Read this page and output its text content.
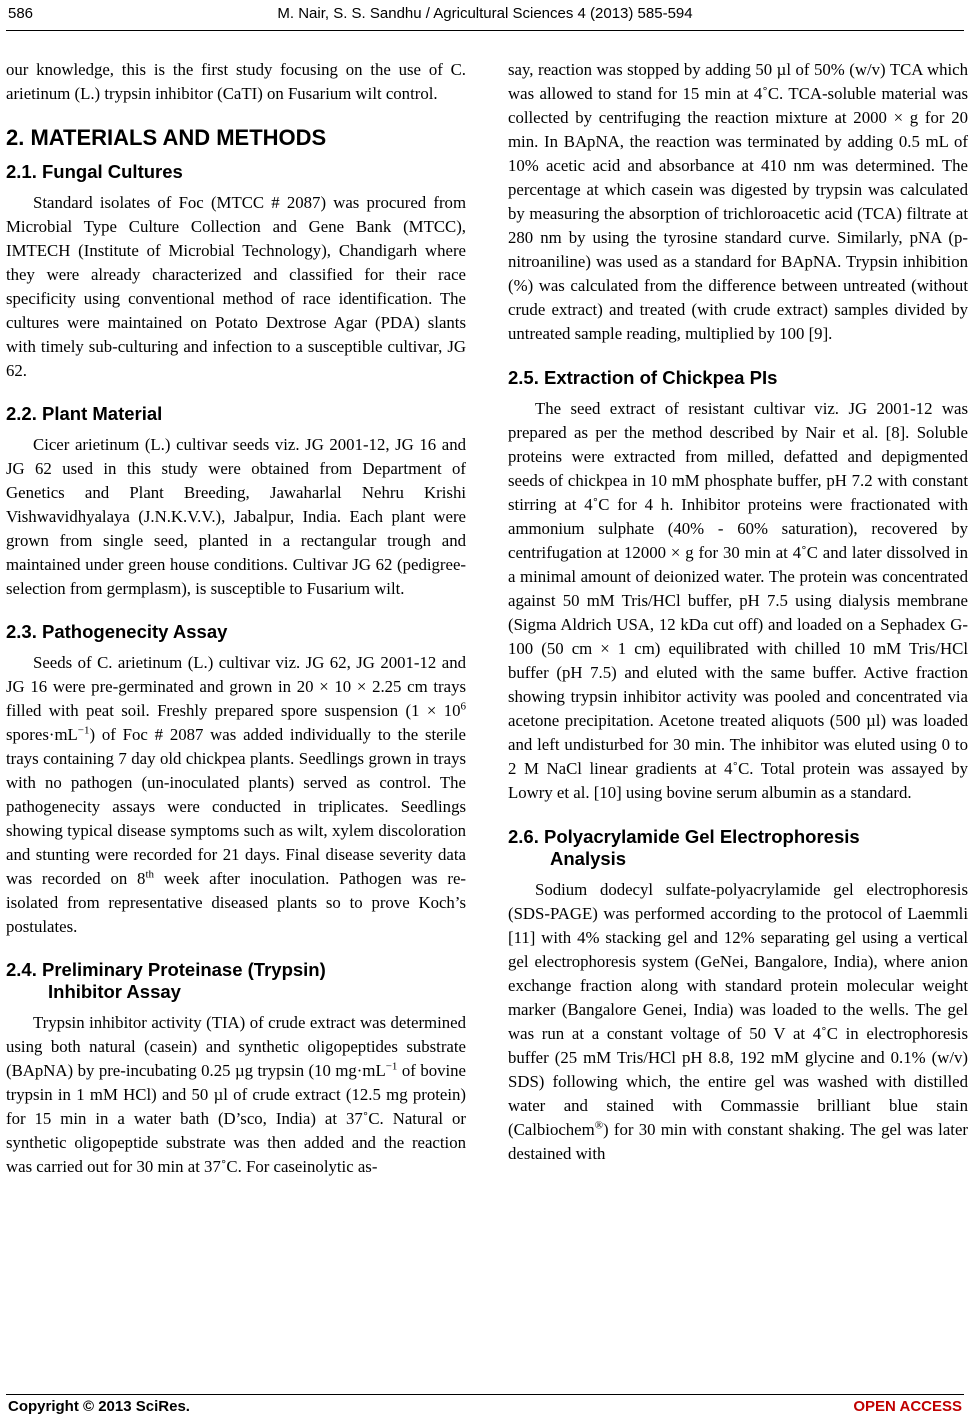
586	M. Nair, S. S. Sandhu / Agricultural Sciences 4 (2013) 585-594

our knowledge, this is the first study focusing on the use of C. arietinum (L.) trypsin inhibitor (CaTI) on Fusarium wilt control.

2. MATERIALS AND METHODS
2.1. Fungal Cultures

Standard isolates of Foc (MTCC # 2087) was procured from Microbial Type Culture Collection and Gene Bank (MTCC), IMTECH (Institute of Microbial Technology), Chandigarh where they were already characterized and classified for their race specificity using conventional method of race identification. The cultures were maintained on Potato Dextrose Agar (PDA) slants with timely sub-culturing and infection to a susceptible cultivar, JG 62.

2.2. Plant Material

Cicer arietinum (L.) cultivar seeds viz. JG 2001-12, JG 16 and JG 62 used in this study were obtained from Department of Genetics and Plant Breeding, Jawaharlal Nehru Krishi Vishwavidhyalaya (J.N.K.V.V.), Jabalpur, India. Each plant were grown from single seed, planted in a rectangular trough and maintained under green house conditions. Cultivar JG 62 (pedigree-selection from germplasm), is susceptible to Fusarium wilt.

2.3. Pathogenecity Assay

Seeds of C. arietinum (L.) cultivar viz. JG 62, JG 2001-12 and JG 16 were pre-germinated and grown in 20 × 10 × 2.25 cm trays filled with peat soil. Freshly prepared spore suspension ($1 \times 10^6$ $spores\cdot mL^{-1}$) of Foc # 2087 was added individually to the sterile trays containing 7 day old chickpea plants. Seedlings grown in trays with no pathogen (un-inoculated plants) served as control. The pathogenecity assays were conducted in triplicates. Seedlings showing typical disease symptoms such as wilt, xylem discoloration and stunting were recorded for 21 days. Final disease severity data was recorded on 8th week after inoculation. Pathogen was re-isolated from representative diseased plants so to prove Koch’s postulates.

2.4. Preliminary Proteinase (Trypsin)
Inhibitor Assay

Trypsin inhibitor activity (TIA) of crude extract was determined using both natural (casein) and synthetic oligopeptides substrate (BApNA) by pre-incubating 0.25 µg trypsin (10 $mg\cdot mL^{-1}$ of bovine trypsin in 1 mM HCl) and 50 µl of crude extract (12.5 mg protein) for 15 min in a water bath (D’sco, India) at 37˚C. Natural or synthetic oligopeptide substrate was then added and the reaction was carried out for 30 min at 37˚C. For caseinolytic as-

say, reaction was stopped by adding 50 µl of 50% (w/v) TCA which was allowed to stand for 15 min at 4˚C. TCA-soluble material was collected by centrifuging the reaction mixture at 2000 × g for 20 min. In BApNA, the reaction was terminated by adding 0.5 mL of 10% acetic acid and absorbance at 410 nm was determined. The percentage at which casein was digested by trypsin was calculated by measuring the absorption of trichloroacetic acid (TCA) filtrate at 280 nm by using the tyrosine standard curve. Similarly, pNA (p-nitroaniline) was used as a standard for BApNA. Trypsin inhibition (%) was calculated from the difference between untreated (without crude extract) and treated (with crude extract) samples divided by untreated sample reading, multiplied by 100 [9].

2.5. Extraction of Chickpea PIs

The seed extract of resistant cultivar viz. JG 2001-12 was prepared as per the method described by Nair et al. [8]. Soluble proteins were extracted from milled, defatted and depigmented seeds of chickpea in 10 mM phosphate buffer, pH 7.2 with constant stirring at 4˚C for 4 h. Inhibitor proteins were fractionated with ammonium sulphate (40% - 60% saturation), recovered by centrifugation at 12000 × g for 30 min at 4˚C and later dissolved in a minimal amount of deionized water. The protein was concentrated against 50 mM Tris/HCl buffer, pH 7.5 using dialysis membrane (Sigma Aldrich USA, 12 kDa cut off) and loaded on a Sephadex G-100 (50 cm × 1 cm) equilibrated with chilled 10 mM Tris/HCl buffer (pH 7.5) and eluted with the same buffer. Active fraction showing trypsin inhibitor activity was pooled and concentrated via acetone precipitation. Acetone treated aliquots (500 µl) was loaded and left undisturbed for 30 min. The inhibitor was eluted using 0 to 2 M NaCl linear gradients at 4˚C. Total protein was assayed by Lowry et al. [10] using bovine serum albumin as a standard.

2.6. Polyacrylamide Gel Electrophoresis
Analysis

Sodium dodecyl sulfate-polyacrylamide gel electrophoresis (SDS-PAGE) was performed according to the protocol of Laemmli [11] with 4% stacking gel and 12% separating gel using a vertical gel electrophoresis system (GeNei, Bangalore, India), where anion exchange fraction along with standard protein molecular weight marker (Bangalore Genei, India) was loaded to the wells. The gel was run at a constant voltage of 50 V at 4˚C in electrophoresis buffer (25 mM Tris/HCl pH 8.8, 192 mM glycine and 0.1% (w/v) SDS) following which, the entire gel was washed with distilled water and stained with Commassie brilliant blue stain (Calbiochem®) for 30 min with constant shaking. The gel was later destained with

Copyright © 2013 SciRes.	OPEN ACCESS
